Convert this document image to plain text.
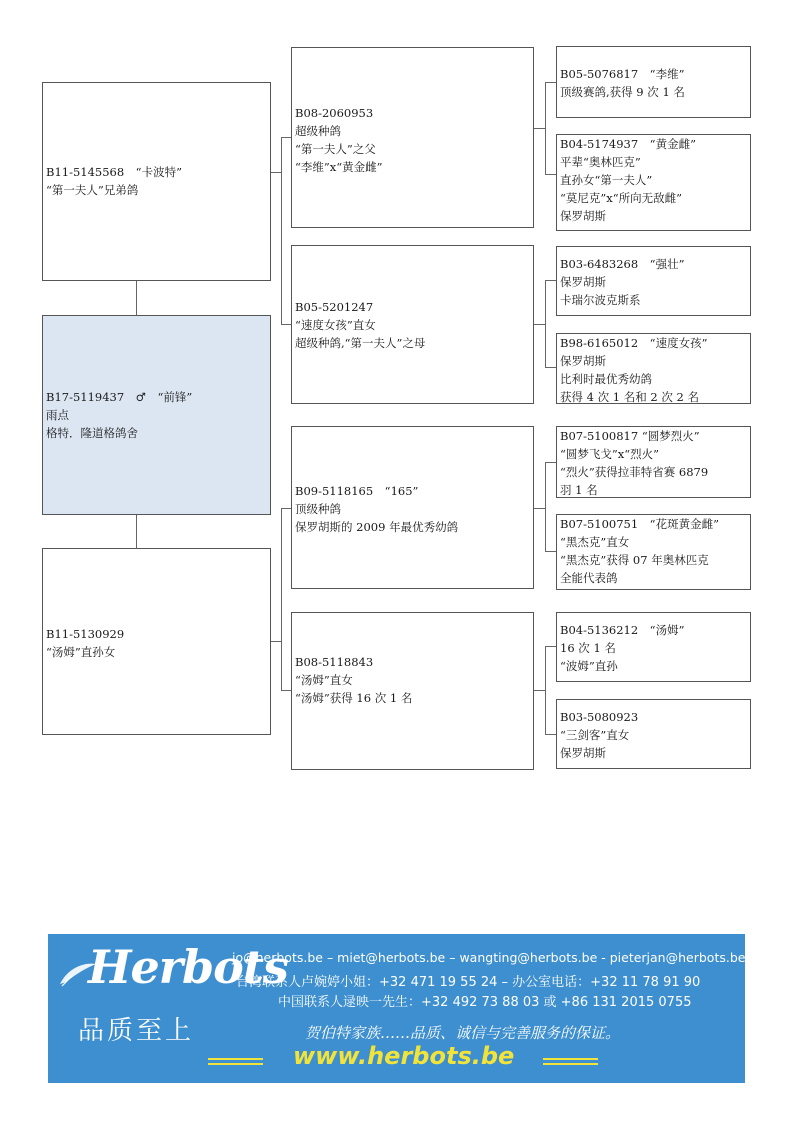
B11-5145568　“卡波特”
“第一夫人”兄弟鸽
B17-5119437　♂　“前锋”
雨点
格特．隆道格鸽舍
B11-5130929
“汤姆”直孙女
B08-2060953
超级种鸽
“第一夫人”之父
“李维”x“黄金雌”
B05-5201247
“速度女孩”直女
超级种鸽,“第一夫人”之母
B09-5118165　“165”
顶级种鸽
保罗胡斯的 2009 年最优秀幼鸽
B08-5118843
“汤姆”直女
“汤姆”获得 16 次 1 名
B05-5076817　“李维”
顶级赛鸽,获得 9 次 1 名
B04-5174937　“黄金雌”
平辈“奥林匹克”
直孙女“第一夫人”
“莫尼克”x“所向无敌雌”
保罗胡斯
B03-6483268　“强壮”
保罗胡斯
卡瑞尔波克斯系
B98-6165012　“速度女孩”
保罗胡斯
比利时最优秀幼鸽
获得 4 次 1 名和 2 次 2 名
B07-5100817 “圆梦烈火”
“圆梦飞戈”x“烈火”
“烈火”获得拉菲特省赛 6879
羽 1 名
B07-5100751　“花斑黄金雌”
“黑杰克”直女
“黑杰克”获得 07 年奥林匹克
全能代表鸽
B04-5136212　“汤姆”
16 次 1 名
“波姆”直孙
B03-5080923
“三剑客”直女
保罗胡斯
Herbots
品质至上
jo@herbots.be – miet@herbots.be – wangting@herbots.be - pieterjan@herbots.be
台湾联系人卢婉婷小姐：+32 471 19 55 24 – 办公室电话：+32 11 78 91 90
中国联系人逯映一先生：+32 492 73 88 03 或 +86 131 2015 0755
贺伯特家族……品质、诚信与完善服务的保证。
www.herbots.be
